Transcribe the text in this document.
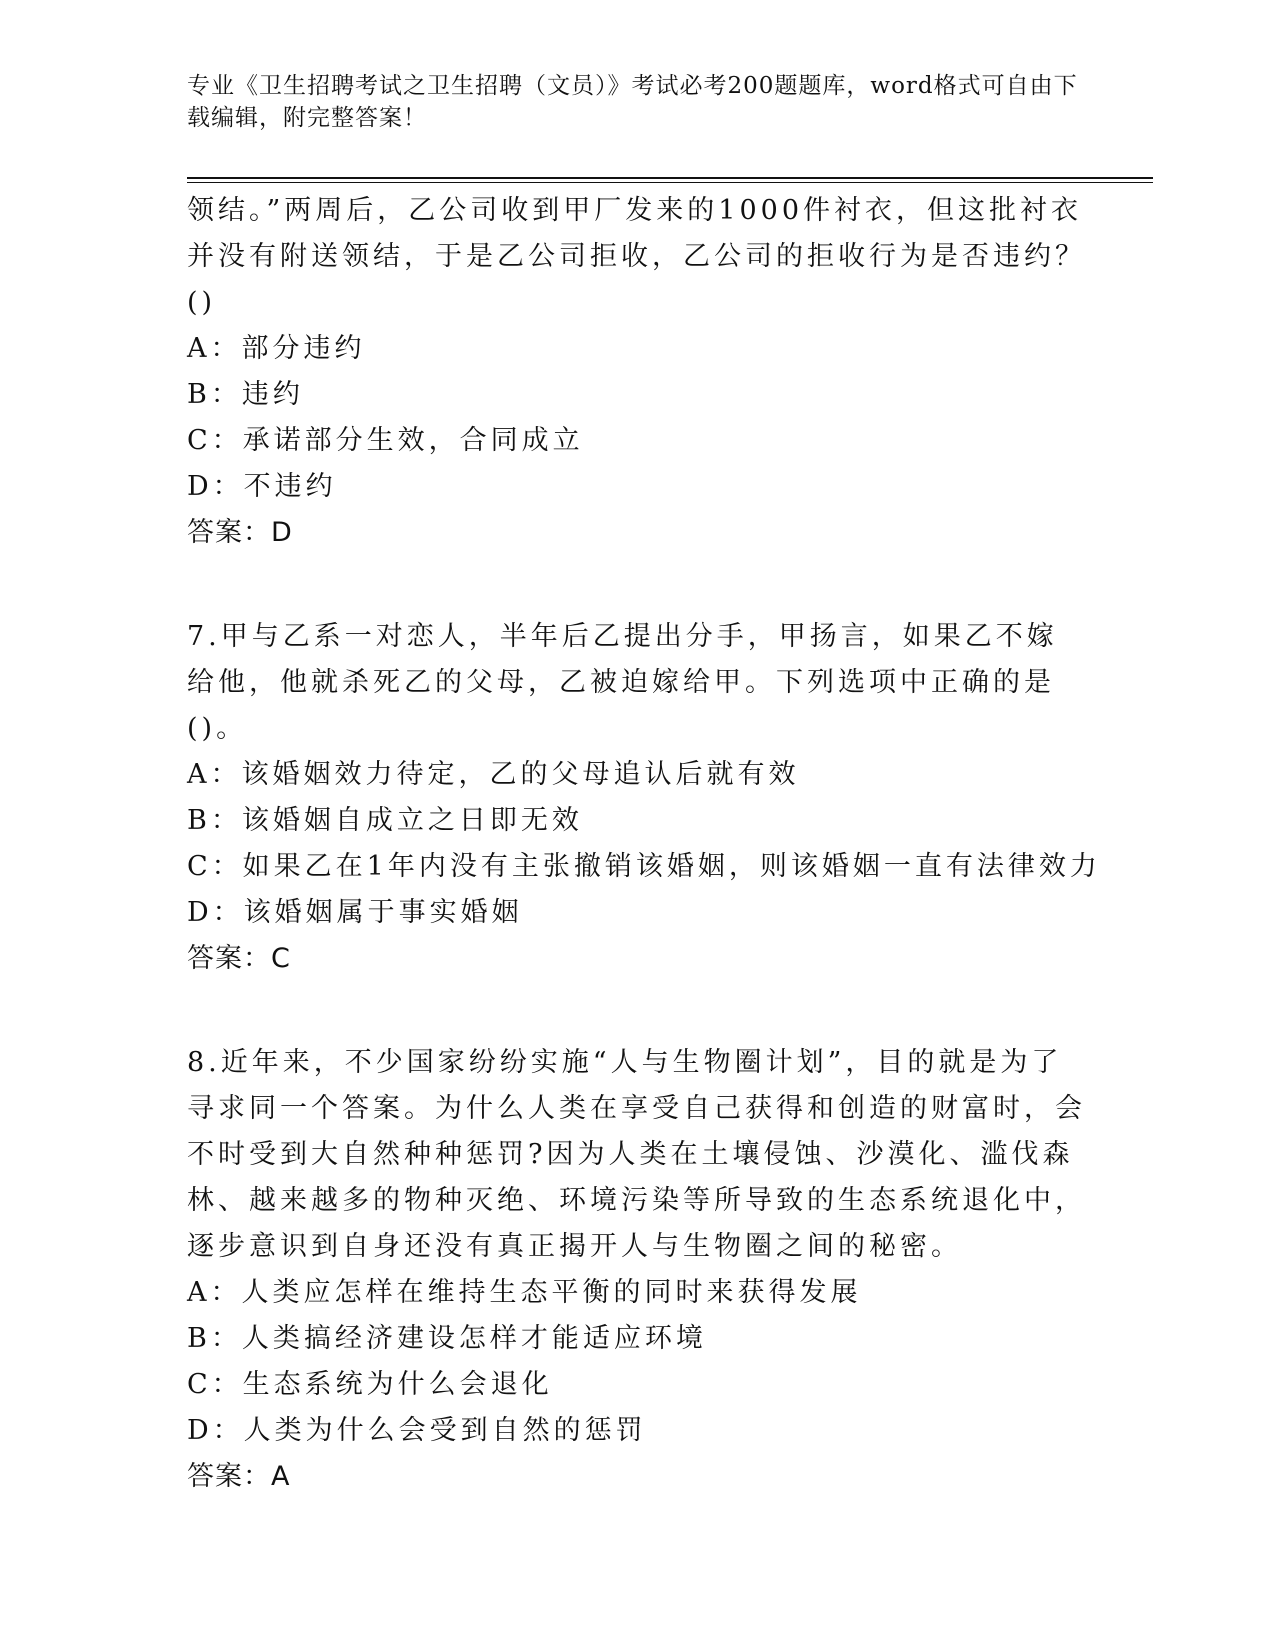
专业《卫生招聘考试之卫生招聘（文员）》考试必考200题题库，word格式可自由下载编辑，附完整答案！

领结。”两周后，乙公司收到甲厂发来的1000件衬衣，但这批衬衣并没有附送领结，于是乙公司拒收，乙公司的拒收行为是否违约？()

A：部分违约

B：违约

C：承诺部分生效，合同成立

D：不违约

答案：D

7.甲与乙系一对恋人，半年后乙提出分手，甲扬言，如果乙不嫁给他，他就杀死乙的父母，乙被迫嫁给甲。下列选项中正确的是()。

A：该婚姻效力待定，乙的父母追认后就有效

B：该婚姻自成立之日即无效

C：如果乙在1年内没有主张撤销该婚姻，则该婚姻一直有法律效力

D：该婚姻属于事实婚姻

答案：C

8.近年来，不少国家纷纷实施“人与生物圈计划”，目的就是为了寻求同一个答案。为什么人类在享受自己获得和创造的财富时，会不时受到大自然种种惩罚?因为人类在土壤侵蚀、沙漠化、滥伐森林、越来越多的物种灭绝、环境污染等所导致的生态系统退化中，逐步意识到自身还没有真正揭开人与生物圈之间的秘密。

A：人类应怎样在维持生态平衡的同时来获得发展

B：人类搞经济建设怎样才能适应环境

C：生态系统为什么会退化

D：人类为什么会受到自然的惩罚

答案：A
